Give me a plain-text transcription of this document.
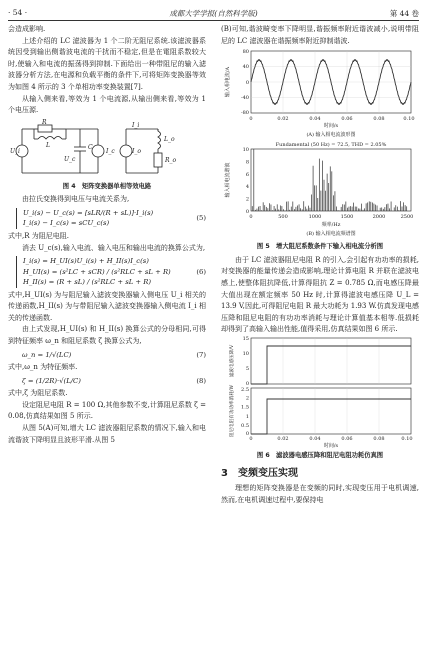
· 54 ·	成都大学学报(自然科学版)	第 44 卷

会造成影响.

上述介绍的 LC 滤波器为 1 个二阶无阻尼系统.该滤波器系统因受到输出侧谐波电流的干扰而不稳定,但是在電阻系数较大时,使输入和电流的振荡得到抑制.下面给出一种带阻尼的输入滤波器分析方法,在电源和负载平衡的条件下,可将矩阵变换器等效为如图 4 所示的 3 个单相功率变换装置[7].

从输入侧来看,等效为 1 个电流源,从输出侧来看,等效为 1 个电压源.

U_i
R
L
U_c
C
I_c
I_i
L_o
I_o
R_o
图 4　矩阵变换器单相等效电路

由拉氏变换得到电压与电流关系为,

U_i(s) − U_c(s) = [sLR/(R + sL)]·I_i(s)
I_i(s) − I_c(s) = sCU_c(s)
(5)

式中,R 为阻尼电阻.

消去 U_c(s),输入电流、输入电压和输出电流的换算公式为,

I_i(s) = H_UI(s)U_i(s) + H_II(s)I_c(s)
H_UI(s) = (s²LC + sCR) / (s²RLC + sL + R)
H_II(s) = (R + sL) / (s²RLC + sL + R)
(6)

式中,H_UI(s) 为与阻尼输入滤波变换器输入侧电压 U_i 相关的传递函数,H_II(s) 为与带阻尼输入滤波变换器输入侧电流 I_i 相关的传递函数.

由上式发现,H_UI(s) 和 H_II(s) 换算公式的分母相同,可得到特征频率 ω_n 和阻尼系数 ζ 换算公式为,

ω_n = 1/√(LC)	(7)

式中,ω_n 为特征频率.

ζ = (1/2R)·√(L/C)	(8)

式中,ζ 为阻尼系数.

设定阻尼电阻 R = 100 Ω,其他参数不变,计算阻尼系数 ζ = 0.08,仿真结果如图 5 所示.

从图 5(A)可知,增大 LC 滤波器阻尼系数的情况下,输入和电流谐波下降明显且波形平滑.从图 5

(B)可知,谐波畸变率下降明显,谐振频率附近谐波减小,说明带阻尼的 LC 滤波器在谐振频率附近抑制谐波.

80
40
0
-40
-80
0	0.02	0.04	0.06	0.08	0.10
时间/s
(A) 输入相电流波形图
输入相电流/A
Fundamental (50 Hz) = 72.5, THD = 2.05%
10
8
6
4
2
0
0	500	1000	1500	2000	2500
频率/Hz
(B) 输入相电流频谱图
输入相电流谐波
图 5　增大阻尼系数条件下输入相电流分析图

由于 LC 滤波器阻尼电阻 R 的引入,会引起有功功率的损耗,对变换器的能量传递会造成影响,理论计算电阻 R 并联在滤波电感上,使整体阻抗降低,计算得阻抗 Z = 0.785 Ω,而电感压降最大值出现在额定频率 50 Hz 时,计算得滤波电感压降 U_L = 13.9 V,因此,可得阻尼电阻 R 最大功耗为 1.93 W.仿真发现电感压降和阻尼电阻的有功功率消耗与理论计算值基本相等.低损耗却得到了高输入输出性能,值得采用,仿真结果如图 6 所示.

15
10
5
0
2.5
2
1.5
1
0.5
0
0	0.02	0.04	0.06	0.08	0.10
时间/s
滤波电感压降/V
阻尼电阻有功功率消耗/W
图 6　滤波器电感压降和阻尼电阻功耗仿真图
3 变频变压实现

理想的矩阵变换器是在变频的同时,实现变压用于电机调速,然而,在电机调速过程中,要保持电
